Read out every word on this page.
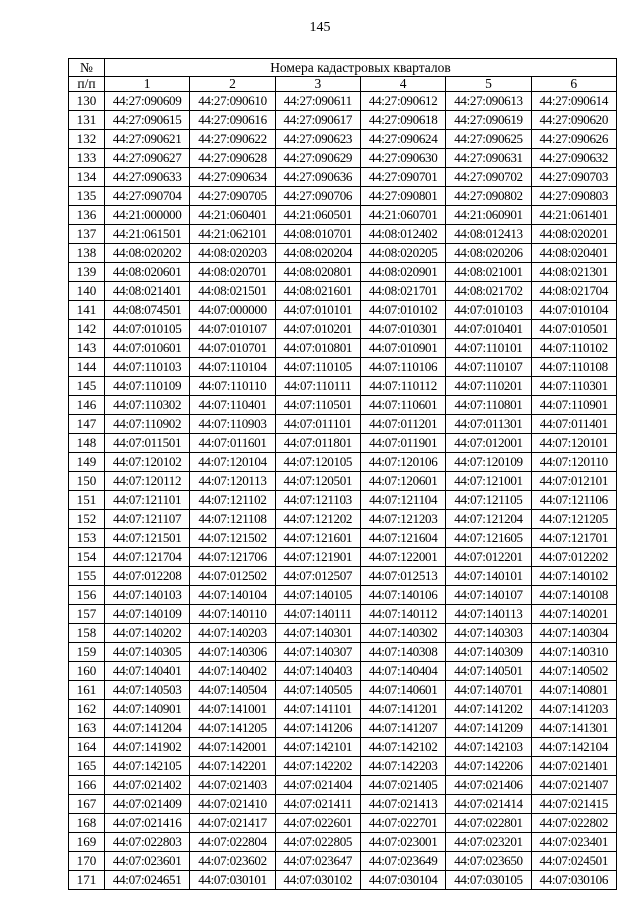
145
№	Номера кадастровых кварталов					
п/п	1	2	3	4	5	6
130	44:27:090609	44:27:090610	44:27:090611	44:27:090612	44:27:090613	44:27:090614
131	44:27:090615	44:27:090616	44:27:090617	44:27:090618	44:27:090619	44:27:090620
132	44:27:090621	44:27:090622	44:27:090623	44:27:090624	44:27:090625	44:27:090626
133	44:27:090627	44:27:090628	44:27:090629	44:27:090630	44:27:090631	44:27:090632
134	44:27:090633	44:27:090634	44:27:090636	44:27:090701	44:27:090702	44:27:090703
135	44:27:090704	44:27:090705	44:27:090706	44:27:090801	44:27:090802	44:27:090803
136	44:21:000000	44:21:060401	44:21:060501	44:21:060701	44:21:060901	44:21:061401
137	44:21:061501	44:21:062101	44:08:010701	44:08:012402	44:08:012413	44:08:020201
138	44:08:020202	44:08:020203	44:08:020204	44:08:020205	44:08:020206	44:08:020401
139	44:08:020601	44:08:020701	44:08:020801	44:08:020901	44:08:021001	44:08:021301
140	44:08:021401	44:08:021501	44:08:021601	44:08:021701	44:08:021702	44:08:021704
141	44:08:074501	44:07:000000	44:07:010101	44:07:010102	44:07:010103	44:07:010104
142	44:07:010105	44:07:010107	44:07:010201	44:07:010301	44:07:010401	44:07:010501
143	44:07:010601	44:07:010701	44:07:010801	44:07:010901	44:07:110101	44:07:110102
144	44:07:110103	44:07:110104	44:07:110105	44:07:110106	44:07:110107	44:07:110108
145	44:07:110109	44:07:110110	44:07:110111	44:07:110112	44:07:110201	44:07:110301
146	44:07:110302	44:07:110401	44:07:110501	44:07:110601	44:07:110801	44:07:110901
147	44:07:110902	44:07:110903	44:07:011101	44:07:011201	44:07:011301	44:07:011401
148	44:07:011501	44:07:011601	44:07:011801	44:07:011901	44:07:012001	44:07:120101
149	44:07:120102	44:07:120104	44:07:120105	44:07:120106	44:07:120109	44:07:120110
150	44:07:120112	44:07:120113	44:07:120501	44:07:120601	44:07:121001	44:07:012101
151	44:07:121101	44:07:121102	44:07:121103	44:07:121104	44:07:121105	44:07:121106
152	44:07:121107	44:07:121108	44:07:121202	44:07:121203	44:07:121204	44:07:121205
153	44:07:121501	44:07:121502	44:07:121601	44:07:121604	44:07:121605	44:07:121701
154	44:07:121704	44:07:121706	44:07:121901	44:07:122001	44:07:012201	44:07:012202
155	44:07:012208	44:07:012502	44:07:012507	44:07:012513	44:07:140101	44:07:140102
156	44:07:140103	44:07:140104	44:07:140105	44:07:140106	44:07:140107	44:07:140108
157	44:07:140109	44:07:140110	44:07:140111	44:07:140112	44:07:140113	44:07:140201
158	44:07:140202	44:07:140203	44:07:140301	44:07:140302	44:07:140303	44:07:140304
159	44:07:140305	44:07:140306	44:07:140307	44:07:140308	44:07:140309	44:07:140310
160	44:07:140401	44:07:140402	44:07:140403	44:07:140404	44:07:140501	44:07:140502
161	44:07:140503	44:07:140504	44:07:140505	44:07:140601	44:07:140701	44:07:140801
162	44:07:140901	44:07:141001	44:07:141101	44:07:141201	44:07:141202	44:07:141203
163	44:07:141204	44:07:141205	44:07:141206	44:07:141207	44:07:141209	44:07:141301
164	44:07:141902	44:07:142001	44:07:142101	44:07:142102	44:07:142103	44:07:142104
165	44:07:142105	44:07:142201	44:07:142202	44:07:142203	44:07:142206	44:07:021401
166	44:07:021402	44:07:021403	44:07:021404	44:07:021405	44:07:021406	44:07:021407
167	44:07:021409	44:07:021410	44:07:021411	44:07:021413	44:07:021414	44:07:021415
168	44:07:021416	44:07:021417	44:07:022601	44:07:022701	44:07:022801	44:07:022802
169	44:07:022803	44:07:022804	44:07:022805	44:07:023001	44:07:023201	44:07:023401
170	44:07:023601	44:07:023602	44:07:023647	44:07:023649	44:07:023650	44:07:024501
171	44:07:024651	44:07:030101	44:07:030102	44:07:030104	44:07:030105	44:07:030106
